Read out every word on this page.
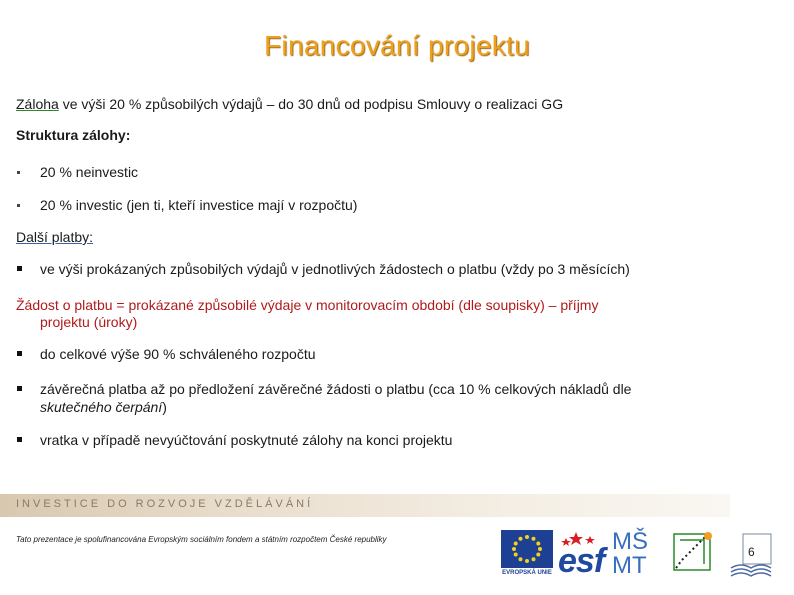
Financování projektu
Záloha ve výši 20 % způsobilých výdajů – do 30 dnů od podpisu Smlouvy o realizaci GG
Struktura zálohy:
20 % neinvestic
20 % investic (jen ti, kteří investice mají v rozpočtu)
Další platby:
ve výši prokázaných způsobilých výdajů v jednotlivých žádostech o platbu (vždy po 3 měsících)
Žádost o platbu = prokázané způsobilé výdaje v monitorovacím období (dle soupisky) – příjmy
projektu (úroky)
do celkové výše 90 % schváleného rozpočtu
závěrečná platba až po předložení závěrečné žádosti o platbu (cca 10 % celkových nákladů dle
skutečného čerpání)
vratka v případě nevyúčtování poskytnuté zálohy na konci projektu
INVESTICE DO ROZVOJE VZDĚLÁVÁNÍ
Tato prezentace je spolufinancována Evropským sociálním fondem a státním rozpočtem České republiky
EVROPSKÁ UNIE esf
MŠ MT	6
